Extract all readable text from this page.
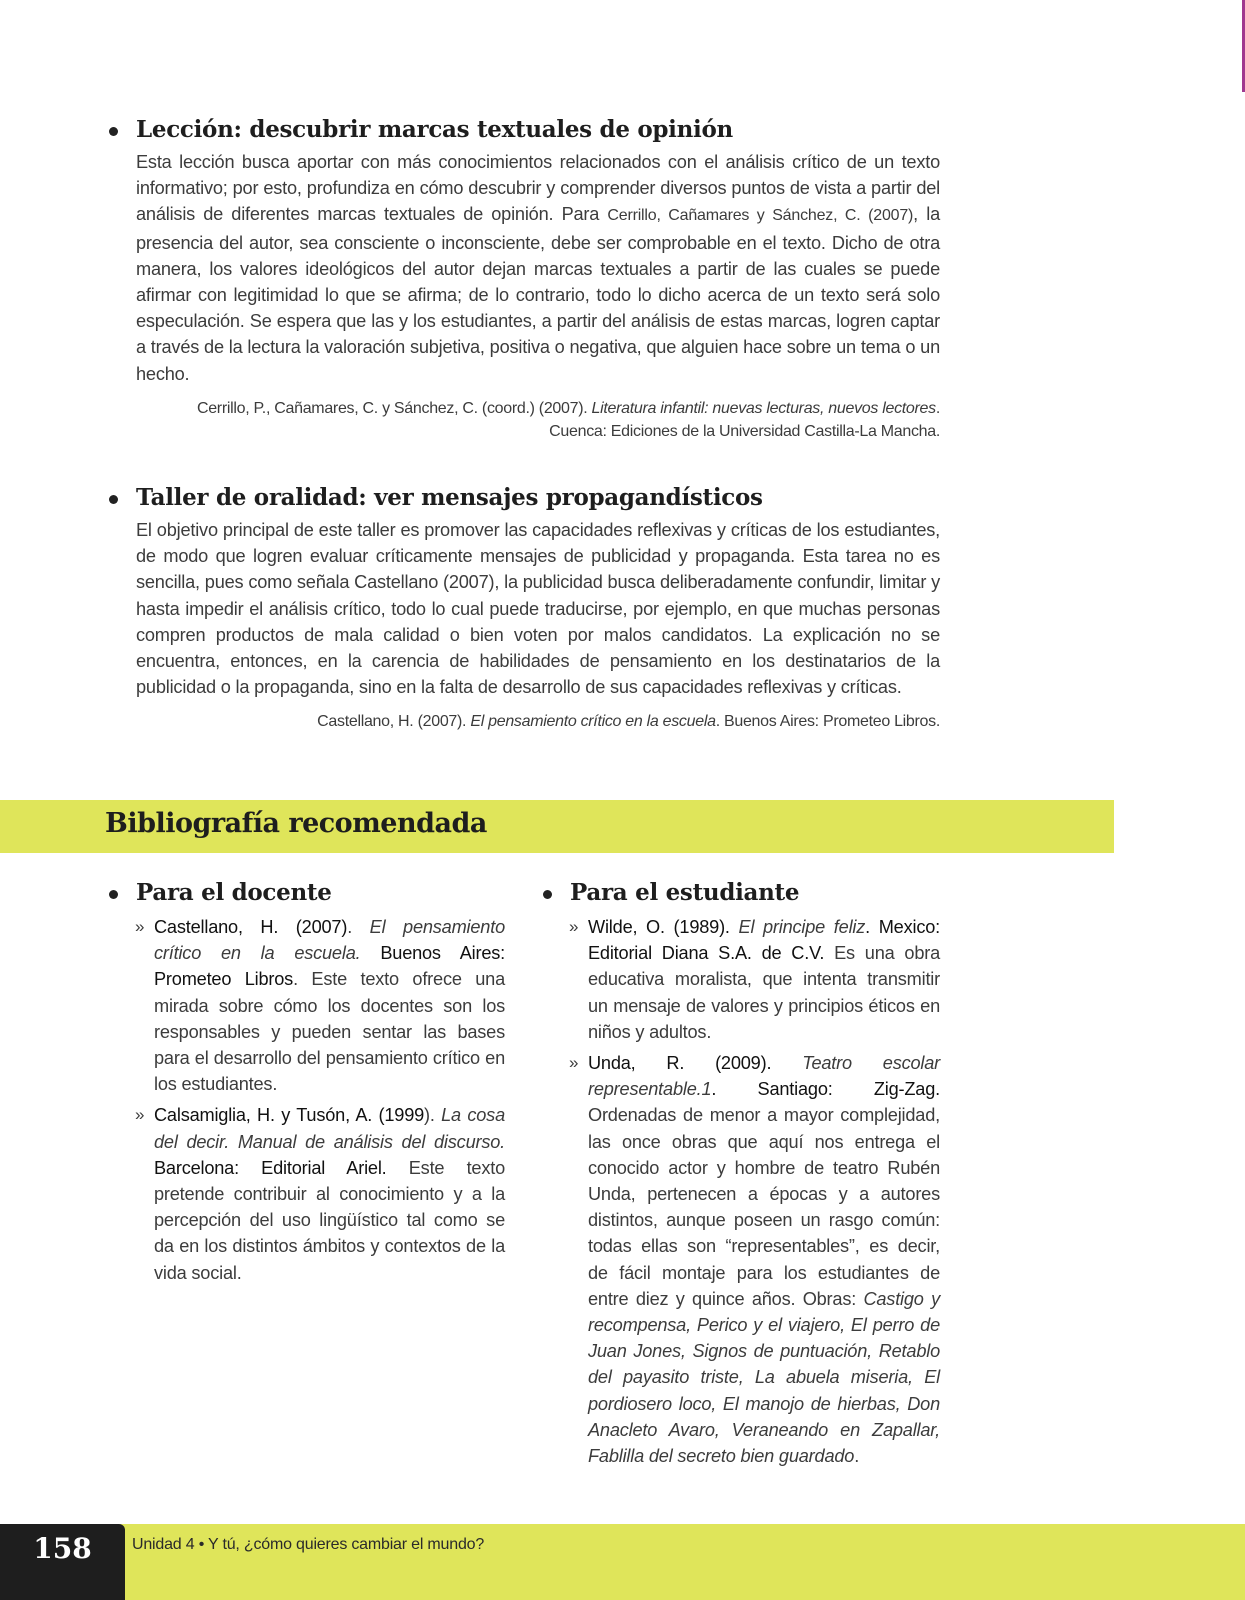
Lección: descubrir marcas textuales de opinión
Esta lección busca aportar con más conocimientos relacionados con el análisis crítico de un texto informativo; por esto, profundiza en cómo descubrir y comprender diversos puntos de vista a partir del análisis de diferentes marcas textuales de opinión. Para Cerrillo, Cañamares y Sánchez, C. (2007), la presencia del autor, sea consciente o inconsciente, debe ser comprobable en el texto. Dicho de otra manera, los valores ideológicos del autor dejan marcas textuales a partir de las cuales se puede afirmar con legitimidad lo que se afirma; de lo contrario, todo lo dicho acerca de un texto será solo especulación. Se espera que las y los estudiantes, a partir del análisis de estas marcas, logren captar a través de la lectura la valoración subjetiva, positiva o negativa, que alguien hace sobre un tema o un hecho.
Cerrillo, P., Cañamares, C. y Sánchez, C. (coord.) (2007). Literatura infantil: nuevas lecturas, nuevos lectores.
Cuenca: Ediciones de la Universidad Castilla-La Mancha.
Taller de oralidad: ver mensajes propagandísticos
El objetivo principal de este taller es promover las capacidades reflexivas y críticas de los estudiantes, de modo que logren evaluar críticamente mensajes de publicidad y propaganda. Esta tarea no es sencilla, pues como señala Castellano (2007), la publicidad busca deliberadamente confundir, limitar y hasta impedir el análisis crítico, todo lo cual puede traducirse, por ejemplo, en que muchas personas compren productos de mala calidad o bien voten por malos candidatos. La explicación no se encuentra, entonces, en la carencia de habilidades de pensamiento en los destinatarios de la publicidad o la propaganda, sino en la falta de desarrollo de sus capacidades reflexivas y críticas.
Castellano, H. (2007). El pensamiento crítico en la escuela. Buenos Aires: Prometeo Libros.
Bibliografía recomendada
Para el docente
» Castellano, H. (2007). El pensamiento crítico en la escuela. Buenos Aires: Prometeo Libros. Este texto ofrece una mirada sobre cómo los docentes son los responsables y pueden sentar las bases para el desarrollo del pensamiento crítico en los estudiantes.
» Calsamiglia, H. y Tusón, A. (1999). La cosa del decir. Manual de análisis del discurso. Barcelona: Editorial Ariel. Este texto pretende contribuir al conocimiento y a la percepción del uso lingüístico tal como se da en los distintos ámbitos y contextos de la vida social.
Para el estudiante
» Wilde, O. (1989). El principe feliz. Mexico: Editorial Diana S.A. de C.V. Es una obra educativa moralista, que intenta transmitir un mensaje de valores y principios éticos en niños y adultos.
» Unda, R. (2009). Teatro escolar representable.1. Santiago: Zig-Zag. Ordenadas de menor a mayor complejidad, las once obras que aquí nos entrega el conocido actor y hombre de teatro Rubén Unda, pertenecen a épocas y a autores distintos, aunque poseen un rasgo común: todas ellas son “representables”, es decir, de fácil montaje para los estudiantes de entre diez y quince años. Obras: Castigo y recompensa, Perico y el viajero, El perro de Juan Jones, Signos de puntuación, Retablo del payasito triste, La abuela miseria, El pordiosero loco, El manojo de hierbas, Don Anacleto Avaro, Veraneando en Zapallar, Fablilla del secreto bien guardado.
158	Unidad 4 • Y tú, ¿cómo quieres cambiar el mundo?
